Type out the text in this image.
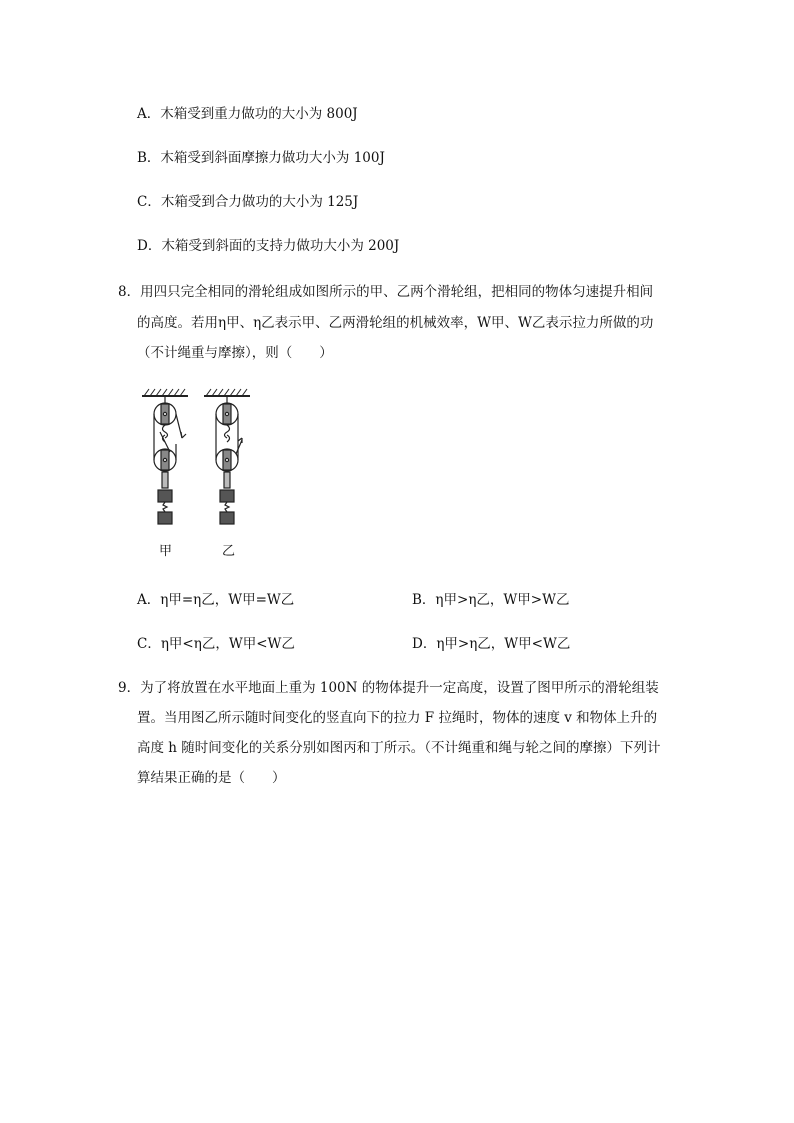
A．木箱受到重力做功的大小为 800J
B．木箱受到斜面摩擦力做功大小为 100J
C．木箱受到合力做功的大小为 125J
D．木箱受到斜面的支持力做功大小为 200J
8．用四只完全相同的滑轮组成如图所示的甲、乙两个滑轮组，把相同的物体匀速提升相间
的高度。若用η甲、η乙表示甲、乙两滑轮组的机械效率，W甲、W乙表示拉力所做的功
（不计绳重与摩擦），则（　　）
甲	乙
A．η甲=η乙，W甲=W乙	B．η甲>η乙，W甲>W乙
C．η甲<η乙，W甲<W乙	D．η甲>η乙，W甲<W乙
9．为了将放置在水平地面上重为 100N 的物体提升一定高度，设置了图甲所示的滑轮组装
置。当用图乙所示随时间变化的竖直向下的拉力 F 拉绳时，物体的速度 v 和物体上升的
高度 h 随时间变化的关系分别如图丙和丁所示。（不计绳重和绳与轮之间的摩擦）下列计
算结果正确的是（　　）
